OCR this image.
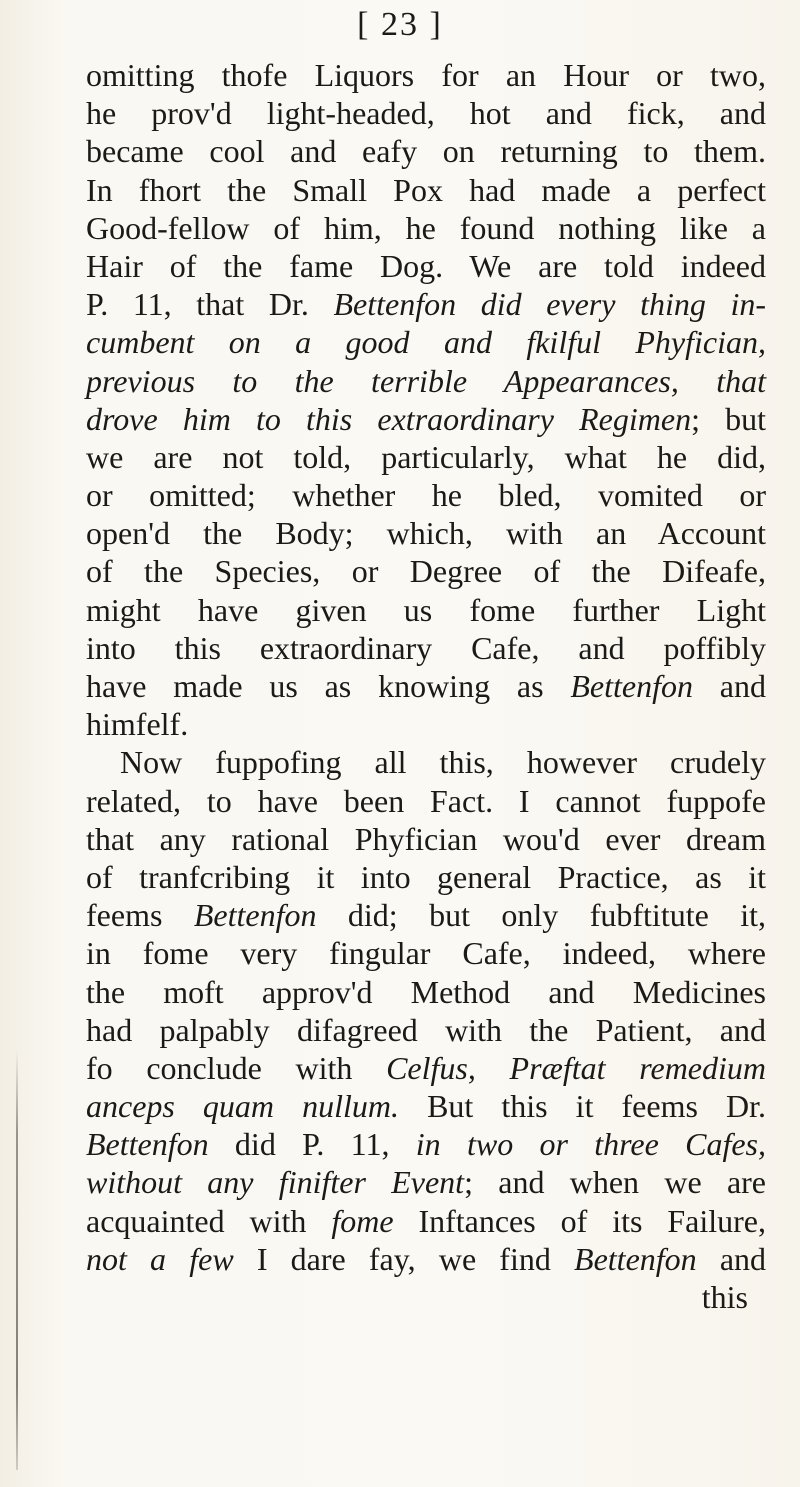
[ 23 ]
omitting thofe Liquors for an Hour or two,
he prov'd light-headed, hot and fick, and
became cool and eafy on returning to them.
In fhort the Small Pox had made a perfect
Good-fellow of him, he found nothing like a
Hair of the fame Dog. We are told indeed
P. 11, that Dr. Bettenfon did every thing in-
cumbent on a good and fkilful Phyfician,
previous to the terrible Appearances, that
drove him to this extraordinary Regimen; but
we are not told, particularly, what he did,
or omitted; whether he bled, vomited or
open'd the Body; which, with an Account
of the Species, or Degree of the Difeafe,
might have given us fome further Light
into this extraordinary Cafe, and poffibly
have made us as knowing as Bettenfon and
himfelf.
Now fuppofing all this, however crudely
related, to have been Fact. I cannot fuppofe
that any rational Phyfician wou'd ever dream
of tranfcribing it into general Practice, as it
feems Bettenfon did; but only fubftitute it,
in fome very fingular Cafe, indeed, where
the moft approv'd Method and Medicines
had palpably difagreed with the Patient, and
fo conclude with Celfus, Præftat remedium
anceps quam nullum. But this it feems Dr.
Bettenfon did P. 11, in two or three Cafes,
without any finifter Event; and when we are
acquainted with fome Inftances of its Failure,
not a few I dare fay, we find Bettenfon and
this
